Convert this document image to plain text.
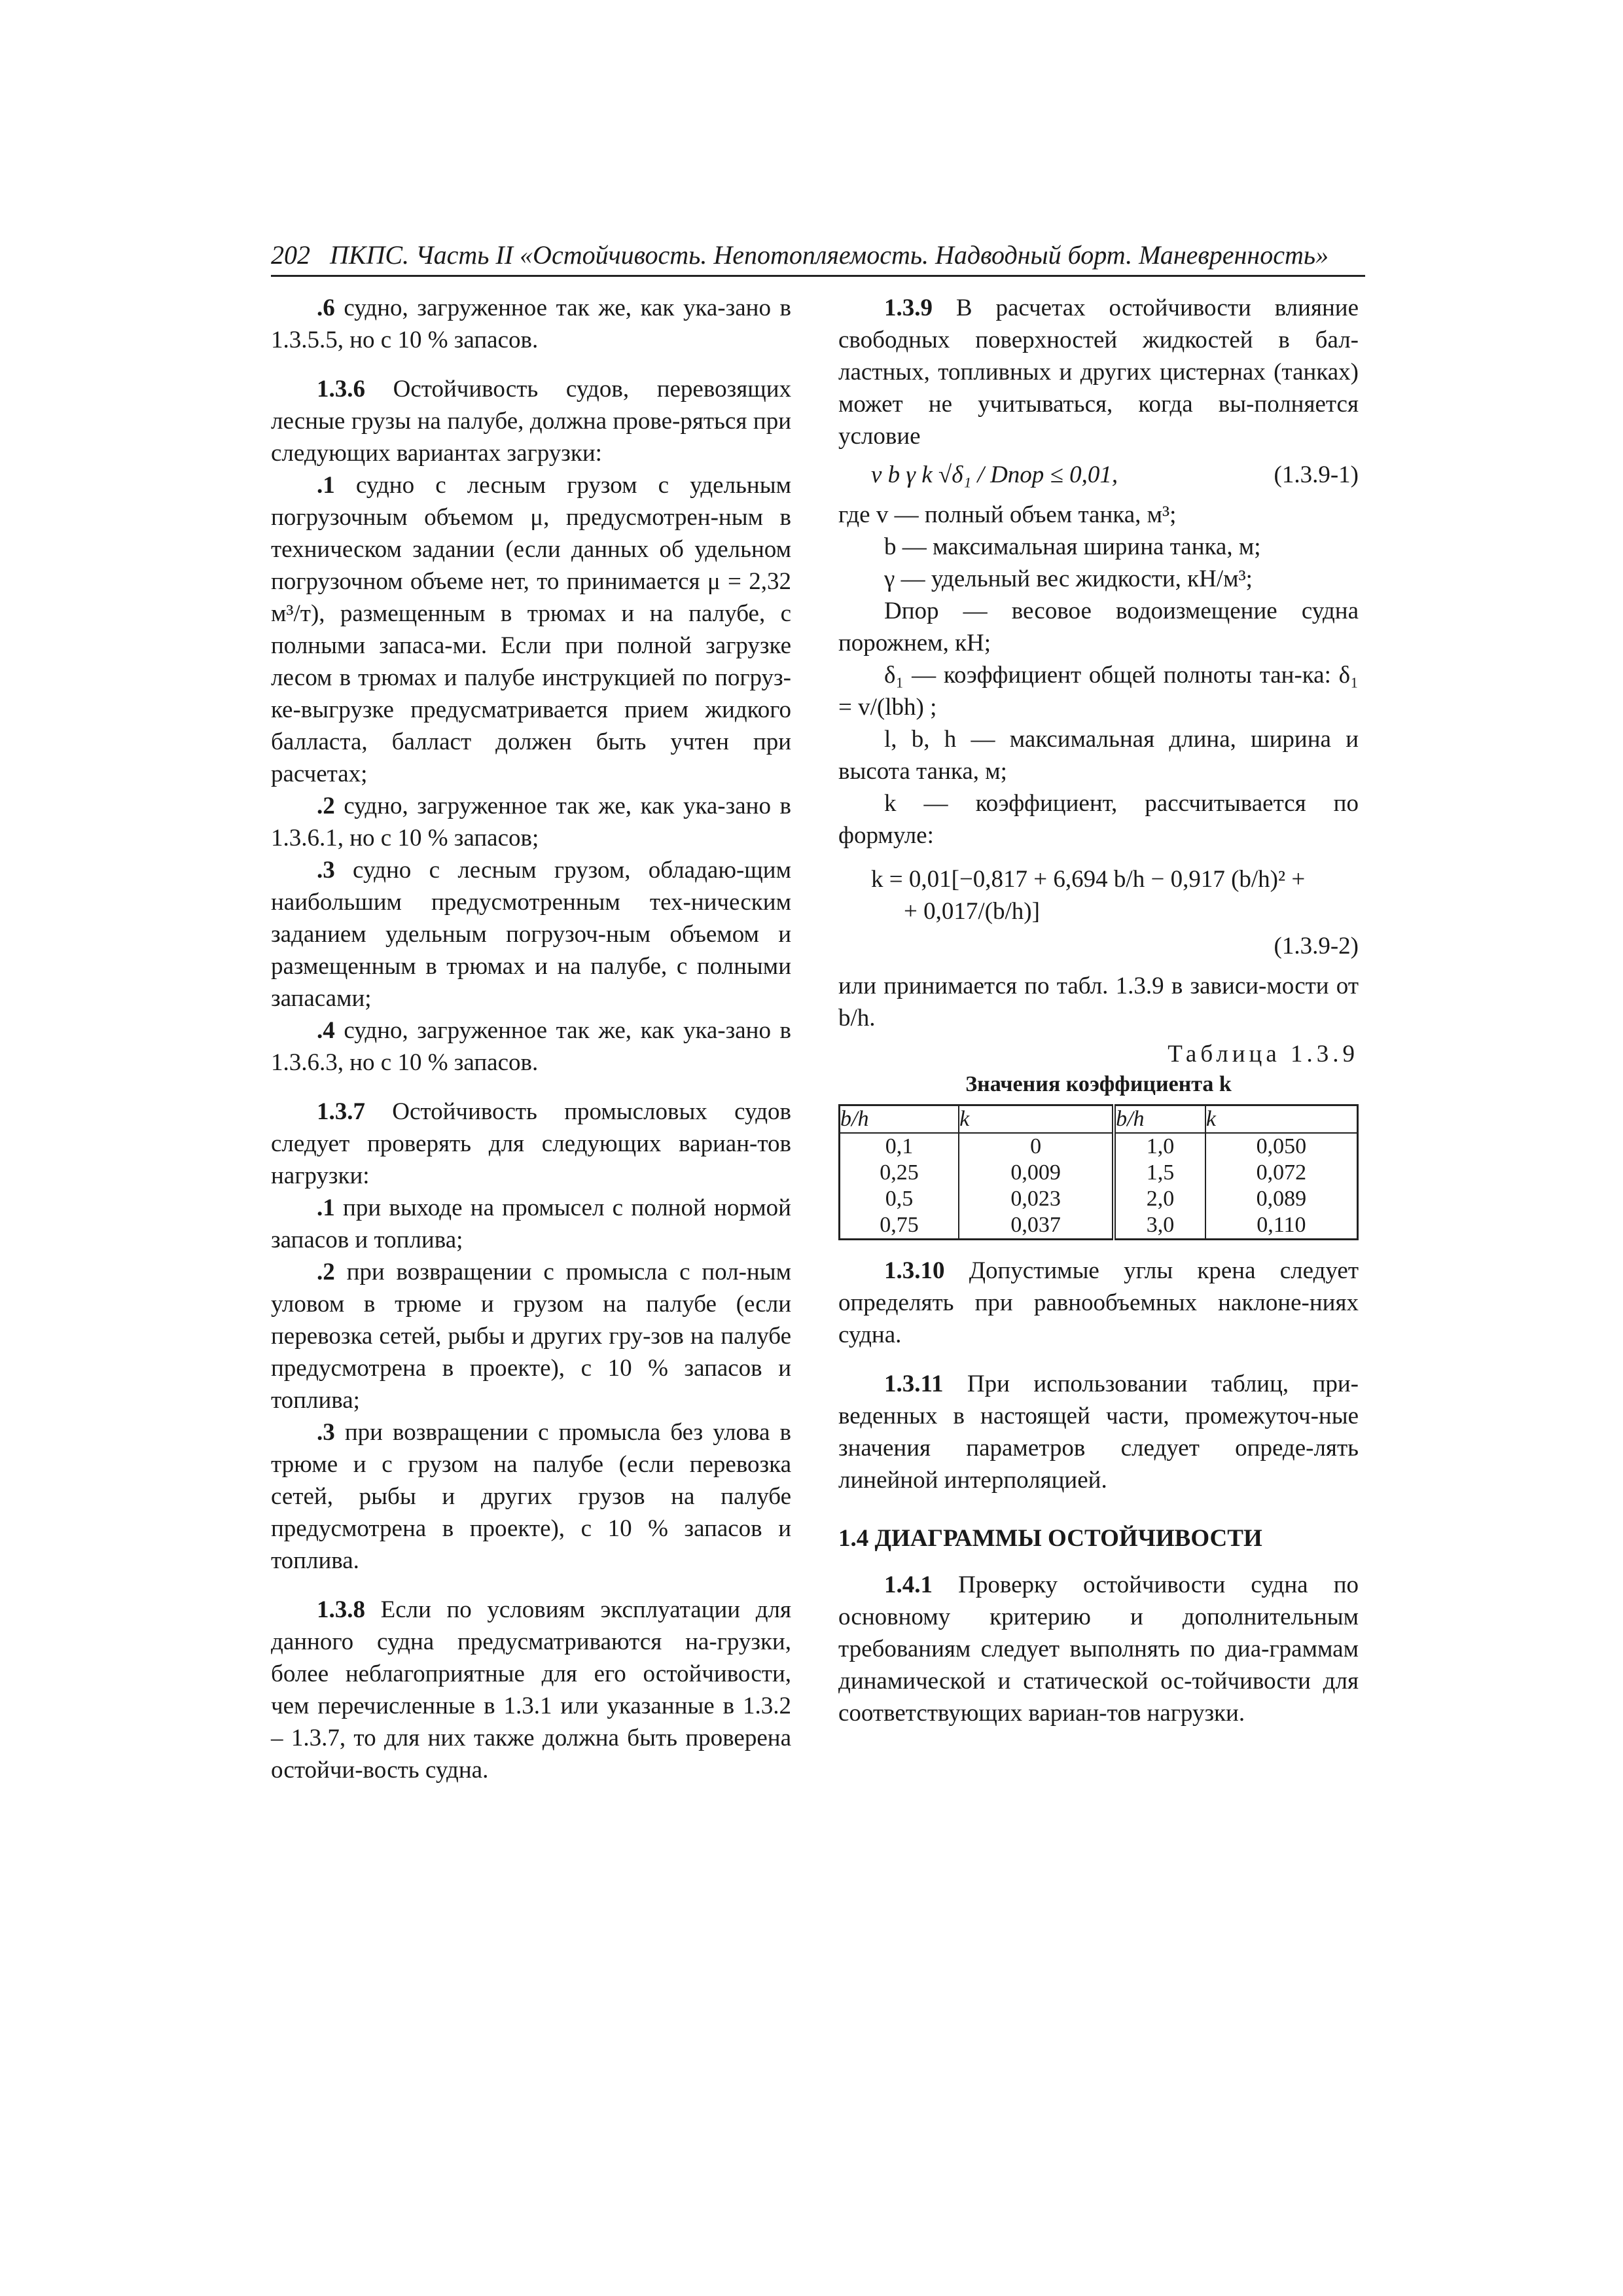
202 ПКПС. Часть II «Остойчивость. Непотопляемость. Надводный борт. Маневренность»

.6 судно, загруженное так же, как ука-зано в 1.3.5.5, но с 10 % запасов.

1.3.6 Остойчивость судов, перевозящих лесные грузы на палубе, должна прове-ряться при следующих вариантах загрузки:

.1 судно с лесным грузом с удельным погрузочным объемом μ, предусмотрен-ным в техническом задании (если данных об удельном погрузочном объеме нет, то принимается μ = 2,32 м³/т), размещенным в трюмах и на палубе, с полными запаса-ми. Если при полной загрузке лесом в трюмах и палубе инструкцией по погруз-ке-выгрузке предусматривается прием жидкого балласта, балласт должен быть учтен при расчетах;

.2 судно, загруженное так же, как ука-зано в 1.3.6.1, но с 10 % запасов;

.3 судно с лесным грузом, обладаю-щим наибольшим предусмотренным тех-ническим заданием удельным погрузоч-ным объемом и размещенным в трюмах и на палубе, с полными запасами;

.4 судно, загруженное так же, как ука-зано в 1.3.6.3, но с 10 % запасов.

1.3.7 Остойчивость промысловых судов следует проверять для следующих вариан-тов нагрузки:

.1 при выходе на промысел с полной нормой запасов и топлива;

.2 при возвращении с промысла с пол-ным уловом в трюме и грузом на палубе (если перевозка сетей, рыбы и других гру-зов на палубе предусмотрена в проекте), с 10 % запасов и топлива;

.3 при возвращении с промысла без улова в трюме и с грузом на палубе (если перевозка сетей, рыбы и других грузов на палубе предусмотрена в проекте), с 10 % запасов и топлива.

1.3.8 Если по условиям эксплуатации для данного судна предусматриваются на-грузки, более неблагоприятные для его остойчивости, чем перечисленные в 1.3.1 или указанные в 1.3.2 – 1.3.7, то для них также должна быть проверена остойчи-вость судна.

1.3.9 В расчетах остойчивости влияние свободных поверхностей жидкостей в бал-ластных, топливных и других цистернах (танках) может не учитываться, когда вы-полняется условие

v b γ k √δ₁ / Dпор ≤ 0,01,	(1.3.9-1)

где v — полный объем танка, м³;

b — максимальная ширина танка, м;

γ — удельный вес жидкости, кН/м³;

Dпор — весовое водоизмещение судна порожнем, кН;

δ₁ — коэффициент общей полноты тан-ка: δ₁ = v/(lbh) ;

l, b, h — максимальная длина, ширина и высота танка, м;

k — коэффициент, рассчитывается по формуле:

k = 0,01[−0,817 + 6,694 b/h − 0,917 (b/h)² +
+ 0,017/(b/h)]
(1.3.9-2)

или принимается по табл. 1.3.9 в зависи-мости от b/h.

Таблица 1.3.9
Значения коэффициента k
b/h	k	b/h	k
0,1	0	1,0	0,050
0,25	0,009	1,5	0,072
0,5	0,023	2,0	0,089
0,75	0,037	3,0	0,110

1.3.10 Допустимые углы крена следует определять при равнообъемных наклоне-ниях судна.

1.3.11 При использовании таблиц, при-веденных в настоящей части, промежуточ-ные значения параметров следует опреде-лять линейной интерполяцией.

1.4 ДИАГРАММЫ ОСТОЙЧИВОСТИ

1.4.1 Проверку остойчивости судна по основному критерию и дополнительным требованиям следует выполнять по диа-граммам динамической и статической ос-тойчивости для соответствующих вариан-тов нагрузки.
